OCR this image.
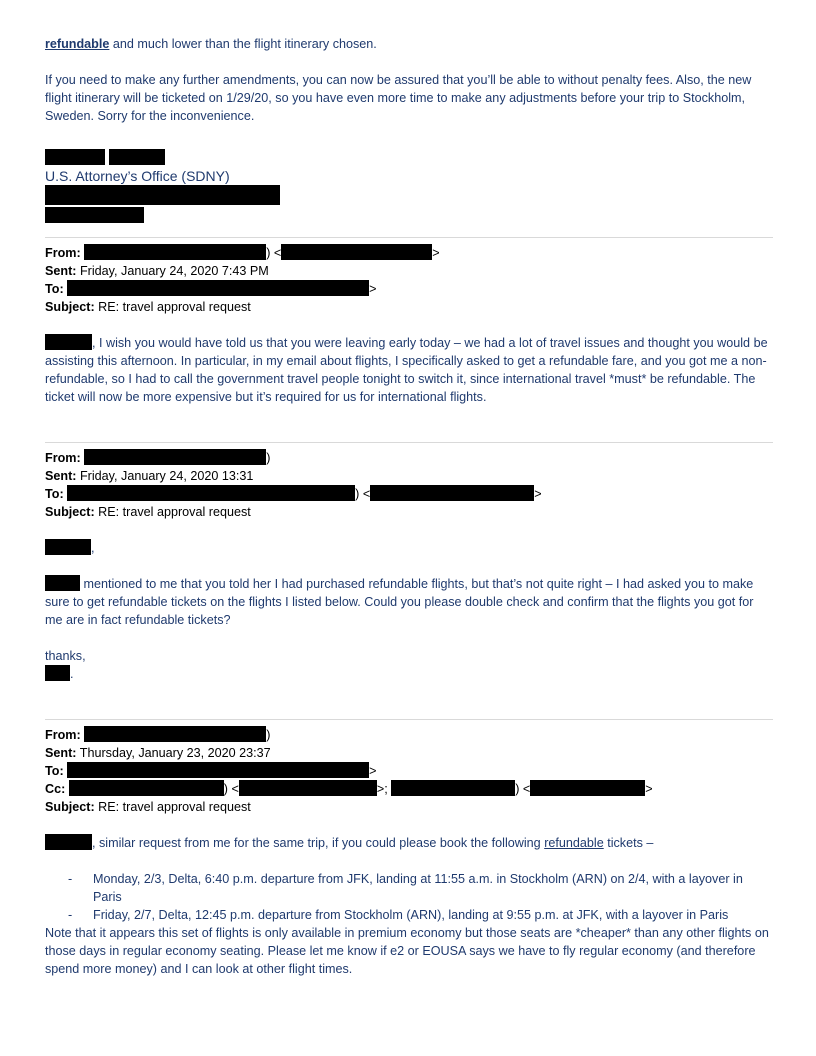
refundable and much lower than the flight itinerary chosen.

If you need to make any further amendments, you can now be assured that you’ll be able to without penalty fees. Also, the new flight itinerary will be ticketed on 1/29/20, so you have even more time to make any adjustments before your trip to Stockholm, Sweden. Sorry for the inconvenience.

U.S. Attorney’s Office (SDNY)

From:	) <	>
Sent: Friday, January 24, 2020 7:43 PM
To:	>
Subject: RE: travel approval request

, I wish you would have told us that you were leaving early today – we had a lot of travel issues and thought you would be assisting this afternoon. In particular, in my email about flights, I specifically asked to get a refundable fare, and you got me a non-refundable, so I had to call the government travel people tonight to switch it, since international travel *must* be refundable. The ticket will now be more expensive but it’s required for us for international flights.

From:	)
Sent: Friday, January 24, 2020 13:31
To:	) <	>
Subject: RE: travel approval request

,

mentioned to me that you told her I had purchased refundable flights, but that’s not quite right – I had asked you to make sure to get refundable tickets on the flights I listed below. Could you please double check and confirm that the flights you got for me are in fact refundable tickets?

thanks,

.

From:	)
Sent: Thursday, January 23, 2020 23:37
To:	>
Cc:	) <	>;	) <	>
Subject: RE: travel approval request

, similar request from me for the same trip, if you could please book the following refundable tickets –

- Monday, 2/3, Delta, 6:40 p.m. departure from JFK, landing at 11:55 a.m. in Stockholm (ARN) on 2/4, with a layover in Paris
- Friday, 2/7, Delta, 12:45 p.m. departure from Stockholm (ARN), landing at 9:55 p.m. at JFK, with a layover in Paris

Note that it appears this set of flights is only available in premium economy but those seats are *cheaper* than any other flights on those days in regular economy seating. Please let me know if e2 or EOUSA says we have to fly regular economy (and therefore spend more money) and I can look at other flight times.
